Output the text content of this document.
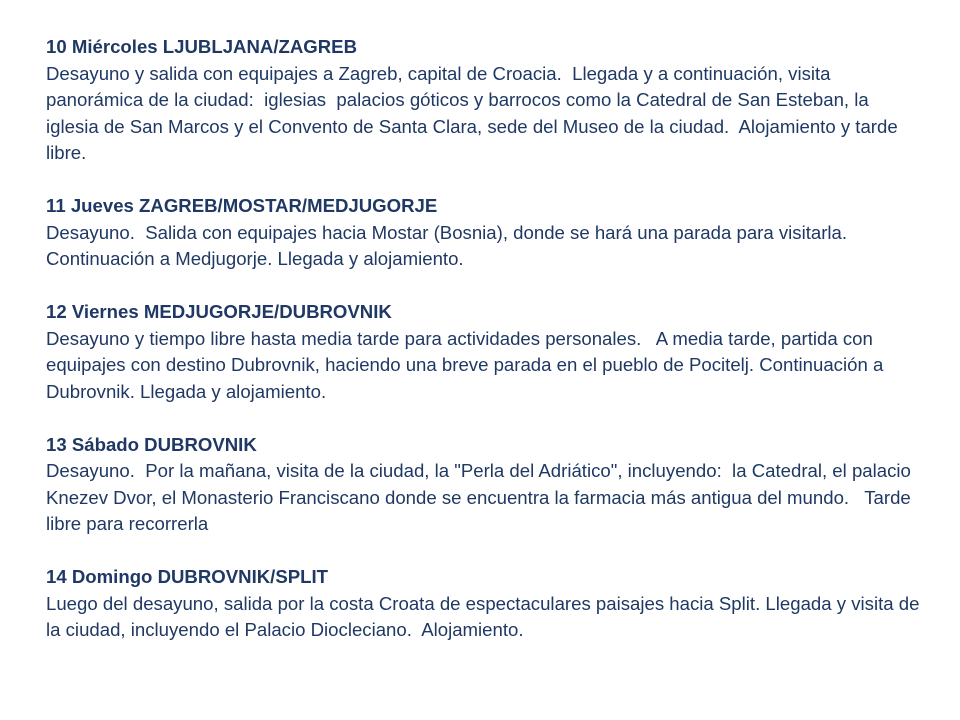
10 Miércoles LJUBLJANA/ZAGREB
Desayuno y salida con equipajes a Zagreb, capital de Croacia.  Llegada y a continuación, visita panorámica de la ciudad:  iglesias  palacios góticos y barrocos como la Catedral de San Esteban, la iglesia de San Marcos y el Convento de Santa Clara, sede del Museo de la ciudad.  Alojamiento y tarde libre.
11 Jueves ZAGREB/MOSTAR/MEDJUGORJE
Desayuno.  Salida con equipajes hacia Mostar (Bosnia), donde se hará una parada para visitarla.   Continuación a Medjugorje. Llegada y alojamiento.
12 Viernes MEDJUGORJE/DUBROVNIK
Desayuno y tiempo libre hasta media tarde para actividades personales.   A media tarde, partida con equipajes con destino Dubrovnik, haciendo una breve parada en el pueblo de Pocitelj. Continuación a Dubrovnik. Llegada y alojamiento.
13 Sábado DUBROVNIK
Desayuno.  Por la mañana, visita de la ciudad, la "Perla del Adriático", incluyendo:  la Catedral, el palacio Knezev Dvor, el Monasterio Franciscano donde se encuentra la farmacia más antigua del mundo.   Tarde libre para recorrerla
14 Domingo DUBROVNIK/SPLIT
Luego del desayuno, salida por la costa Croata de espectaculares paisajes hacia Split. Llegada y visita de la ciudad, incluyendo el Palacio Diocleciano.  Alojamiento.
